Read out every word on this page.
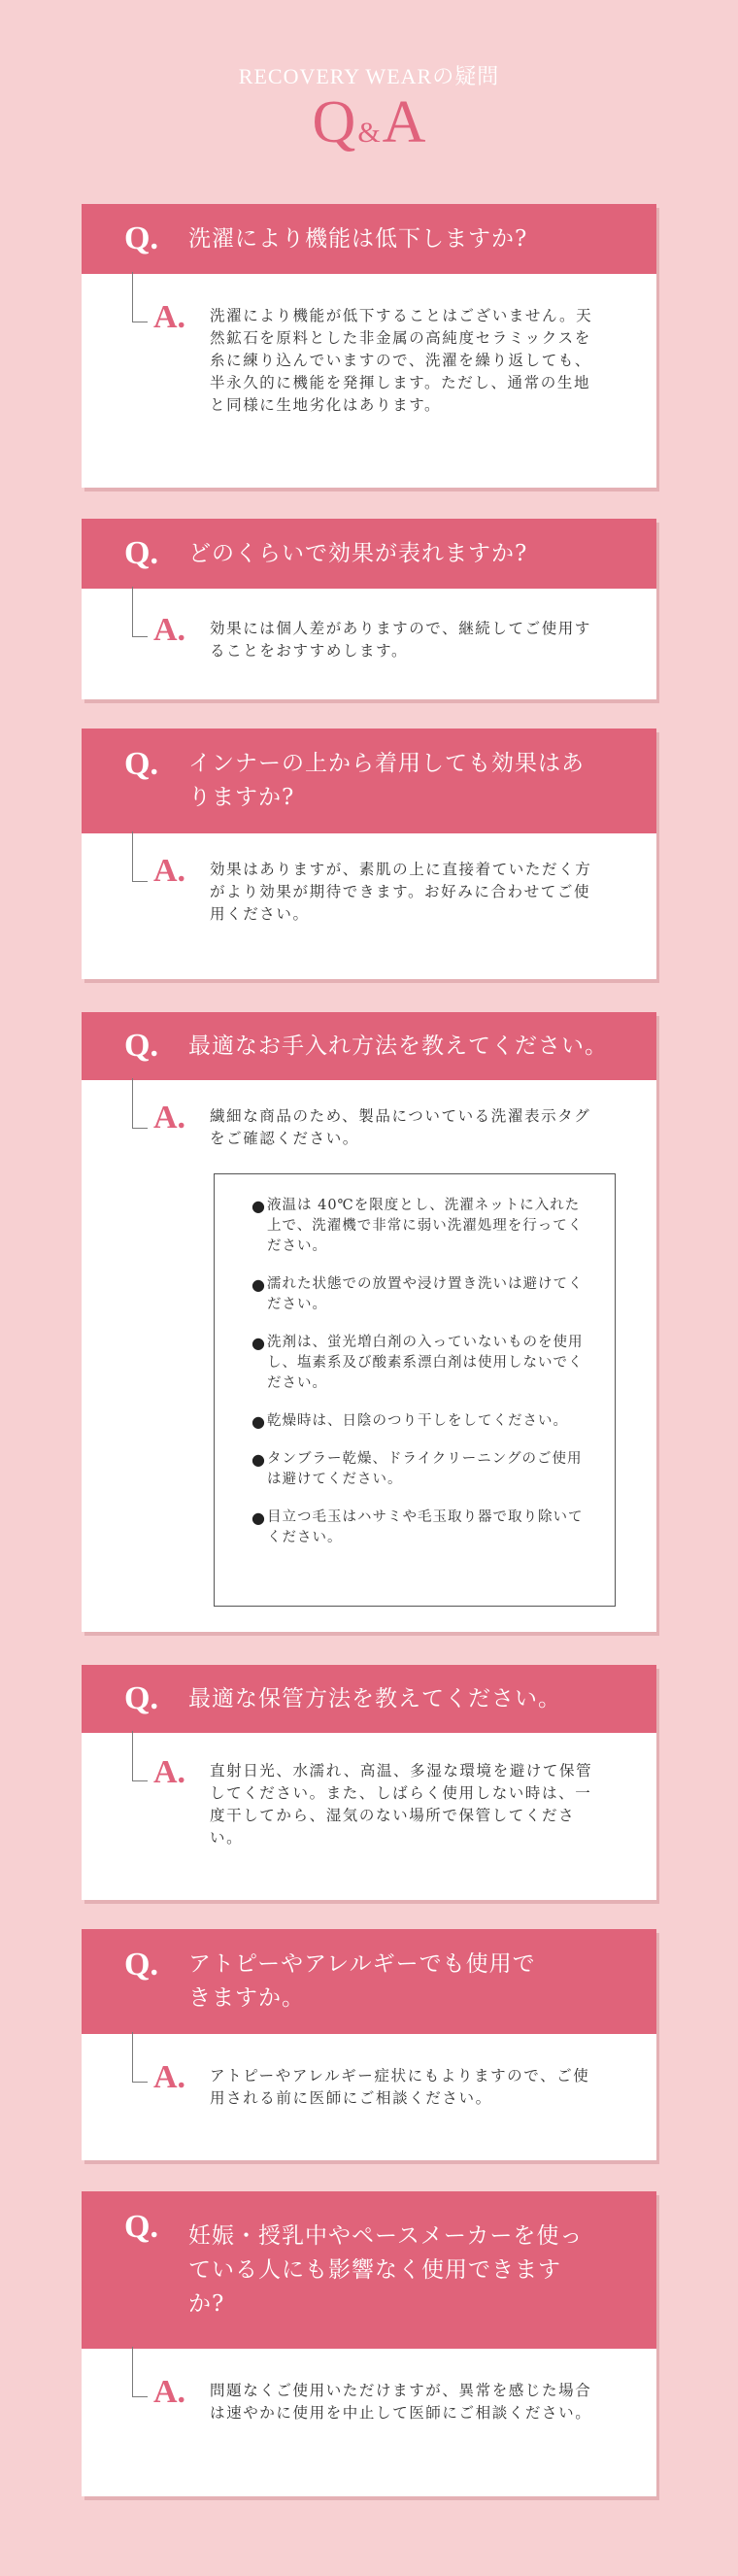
RECOVERY WEARの疑問
Q&A
Q.	洗濯により機能は低下しますか?
A.	洗濯により機能が低下することはございません。天然鉱石を原料とした非金属の高純度セラミックスを糸に練り込んでいますので、洗濯を繰り返しても、半永久的に機能を発揮します。ただし、通常の生地と同様に生地劣化はあります。

Q.	どのくらいで効果が表れますか?
A.	効果には個人差がありますので、継続してご使用することをおすすめします。

Q.	インナーの上から着用しても効果はありますか?
A.	効果はありますが、素肌の上に直接着ていただく方がより効果が期待できます。お好みに合わせてご使用ください。

Q.	最適なお手入れ方法を教えてください。
A.	繊細な商品のため、製品についている洗濯表示タグをご確認ください。

● 液温は 40℃を限度とし、洗濯ネットに入れた上で、洗濯機で非常に弱い洗濯処理を行ってください。
● 濡れた状態での放置や浸け置き洗いは避けてください。
● 洗剤は、蛍光増白剤の入っていないものを使用し、塩素系及び酸素系漂白剤は使用しないでください。
● 乾燥時は、日陰のつり干しをしてください。
● タンブラー乾燥、ドライクリーニングのご使用は避けてください。
● 目立つ毛玉はハサミや毛玉取り器で取り除いてください。
Q.	最適な保管方法を教えてください。
A.	直射日光、水濡れ、高温、多湿な環境を避けて保管してください。また、しばらく使用しない時は、一度干してから、湿気のない場所で保管してください。

Q.	アトピーやアレルギーでも使用できますか。
A.	アトピーやアレルギー症状にもよりますので、ご使用される前に医師にご相談ください。

Q.	妊娠・授乳中やペースメーカーを使っている人にも影響なく使用できますか?
A.	問題なくご使用いただけますが、異常を感じた場合は速やかに使用を中止して医師にご相談ください。
